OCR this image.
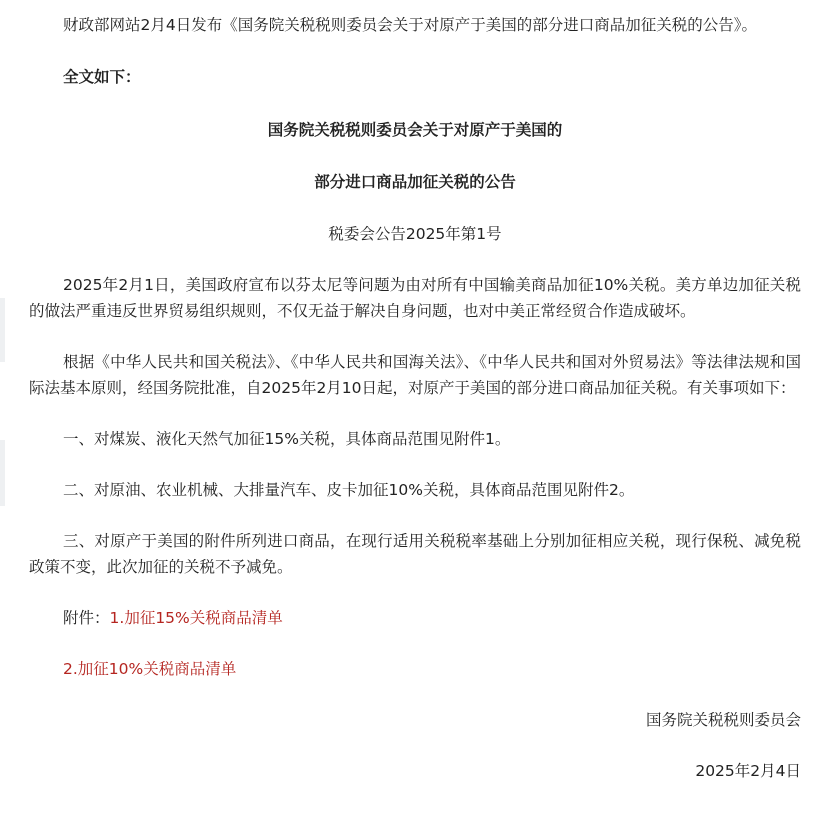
财政部网站2月4日发布《国务院关税税则委员会关于对原产于美国的部分进口商品加征关税的公告》。

全文如下：

国务院关税税则委员会关于对原产于美国的

部分进口商品加征关税的公告

税委会公告2025年第1号

2025年2月1日，美国政府宣布以芬太尼等问题为由对所有中国输美商品加征10%关税。美方单边加征关税的做法严重违反世界贸易组织规则，不仅无益于解决自身问题，也对中美正常经贸合作造成破坏。

根据《中华人民共和国关税法》、《中华人民共和国海关法》、《中华人民共和国对外贸易法》等法律法规和国际法基本原则，经国务院批准，自2025年2月10日起，对原产于美国的部分进口商品加征关税。有关事项如下：

一、对煤炭、液化天然气加征15%关税，具体商品范围见附件1。

二、对原油、农业机械、大排量汽车、皮卡加征10%关税，具体商品范围见附件2。

三、对原产于美国的附件所列进口商品，在现行适用关税税率基础上分别加征相应关税，现行保税、减免税政策不变，此次加征的关税不予减免。

附件：1.加征15%关税商品清单

2.加征10%关税商品清单

国务院关税税则委员会

2025年2月4日
